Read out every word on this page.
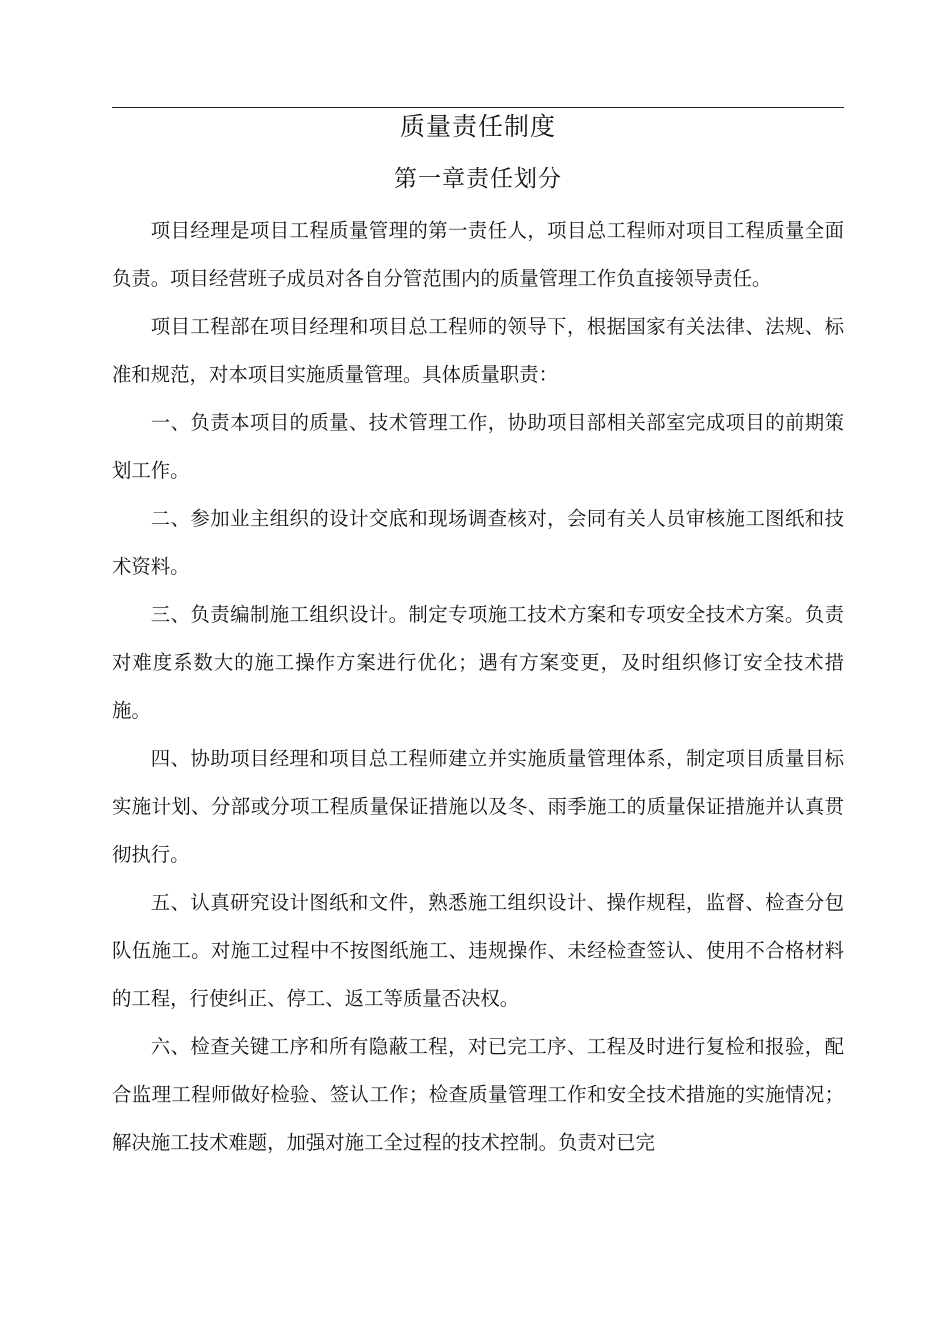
质量责任制度
第一章责任划分

项目经理是项目工程质量管理的第一责任人，项目总工程师对项目工程质量全面负责。项目经营班子成员对各自分管范围内的质量管理工作负直接领导责任。

项目工程部在项目经理和项目总工程师的领导下，根据国家有关法律、法规、标准和规范，对本项目实施质量管理。具体质量职责：

一、负责本项目的质量、技术管理工作，协助项目部相关部室完成项目的前期策划工作。

二、参加业主组织的设计交底和现场调查核对，会同有关人员审核施工图纸和技术资料。

三、负责编制施工组织设计。制定专项施工技术方案和专项安全技术方案。负责对难度系数大的施工操作方案进行优化；遇有方案变更，及时组织修订安全技术措施。

四、协助项目经理和项目总工程师建立并实施质量管理体系，制定项目质量目标实施计划、分部或分项工程质量保证措施以及冬、雨季施工的质量保证措施并认真贯彻执行。

五、认真研究设计图纸和文件，熟悉施工组织设计、操作规程，监督、检查分包队伍施工。对施工过程中不按图纸施工、违规操作、未经检查签认、使用不合格材料的工程，行使纠正、停工、返工等质量否决权。

六、检查关键工序和所有隐蔽工程，对已完工序、工程及时进行复检和报验，配合监理工程师做好检验、签认工作；检查质量管理工作和安全技术措施的实施情况；解决施工技术难题，加强对施工全过程的技术控制。负责对已完
